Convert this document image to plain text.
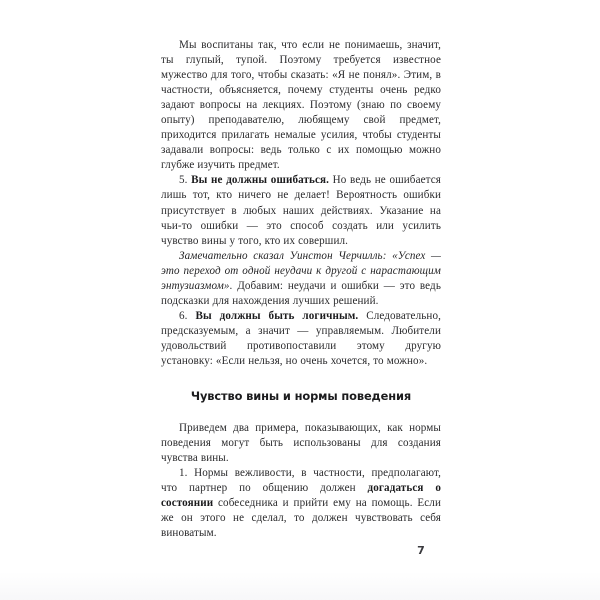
Мы воспитаны так, что если не понимаешь, значит, ты глупый, тупой. Поэтому требуется известное мужество для того, чтобы сказать: «Я не понял». Этим, в частности, объясняется, почему студенты очень редко задают вопросы на лекциях. Поэтому (знаю по своему опыту) преподавателю, любящему свой предмет, приходится прилагать немалые усилия, чтобы студенты задавали вопросы: ведь только с их помощью можно глубже изучить предмет.

5. Вы не должны ошибаться. Но ведь не ошибается лишь тот, кто ничего не делает! Вероятность ошибки присутствует в любых наших действиях. Указание на чьи-то ошибки — это способ создать или усилить чувство вины у того, кто их совершил.

Замечательно сказал Уинстон Черчилль: «Успех — это переход от одной неудачи к другой с нарастающим энтузиазмом». Добавим: неудачи и ошибки — это ведь подсказки для нахождения лучших решений.

6. Вы должны быть логичным. Следовательно, предсказуемым, а значит — управляемым. Любители удовольствий противопоставили этому другую установку: «Если нельзя, но очень хочется, то можно».

Чувство вины и нормы поведения

Приведем два примера, показывающих, как нормы поведения могут быть использованы для создания чувства вины.

1. Нормы вежливости, в частности, предполагают, что партнер по общению должен догадаться о состоянии собеседника и прийти ему на помощь. Если же он этого не сделал, то должен чувствовать себя виноватым.

7
